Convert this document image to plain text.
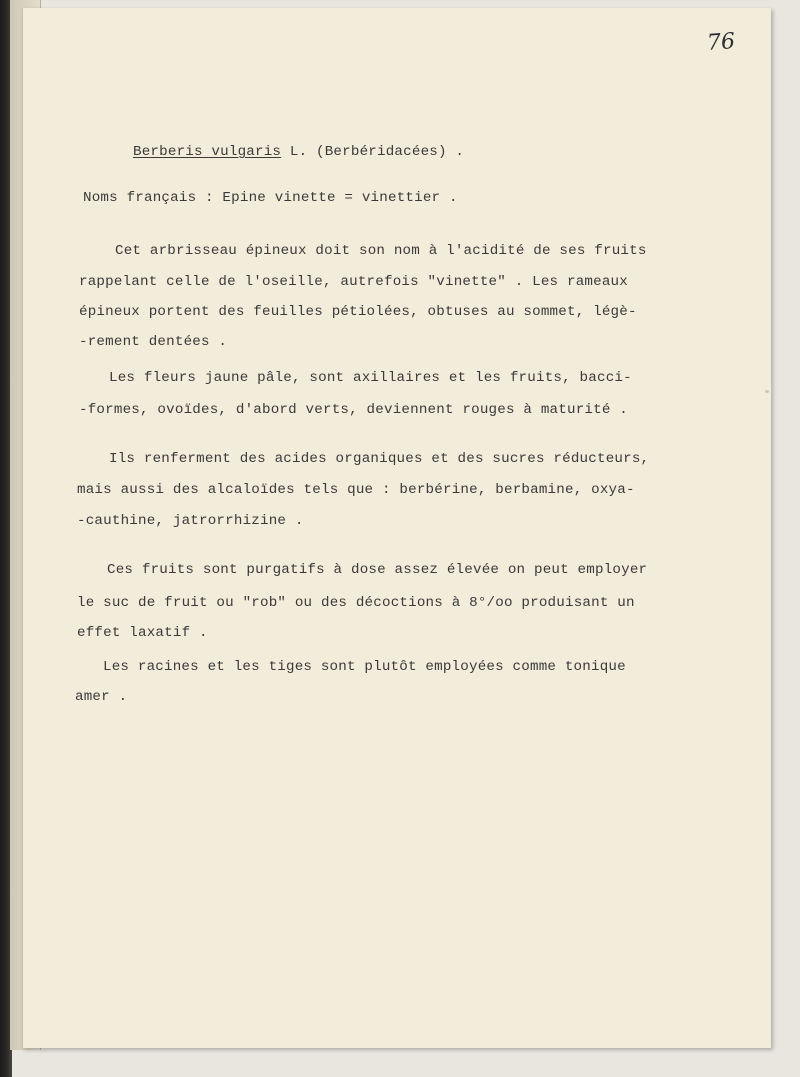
76
Berberis vulgaris L. (Berbéridacées) .
Noms français : Epine vinette = vinettier .
Cet arbrisseau épineux doit son nom à l'acidité de ses fruits
rappelant celle de l'oseille, autrefois "vinette" . Les rameaux
épineux portent des feuilles pétiolées, obtuses au sommet, légè-
-rement dentées .
Les fleurs jaune pâle, sont axillaires et les fruits, bacci-
-formes, ovoïdes, d'abord verts, deviennent rouges à maturité .
Ils renferment des acides organiques et des sucres réducteurs,
mais aussi des alcaloïdes tels que : berbérine, berbamine, oxya-
-cauthine, jatrorrhizine .
Ces fruits sont purgatifs à dose assez élevée on peut employer
le suc de fruit ou "rob" ou des décoctions à 8°/oo produisant un
effet laxatif .
Les racines et les tiges sont plutôt employées comme tonique
amer .
